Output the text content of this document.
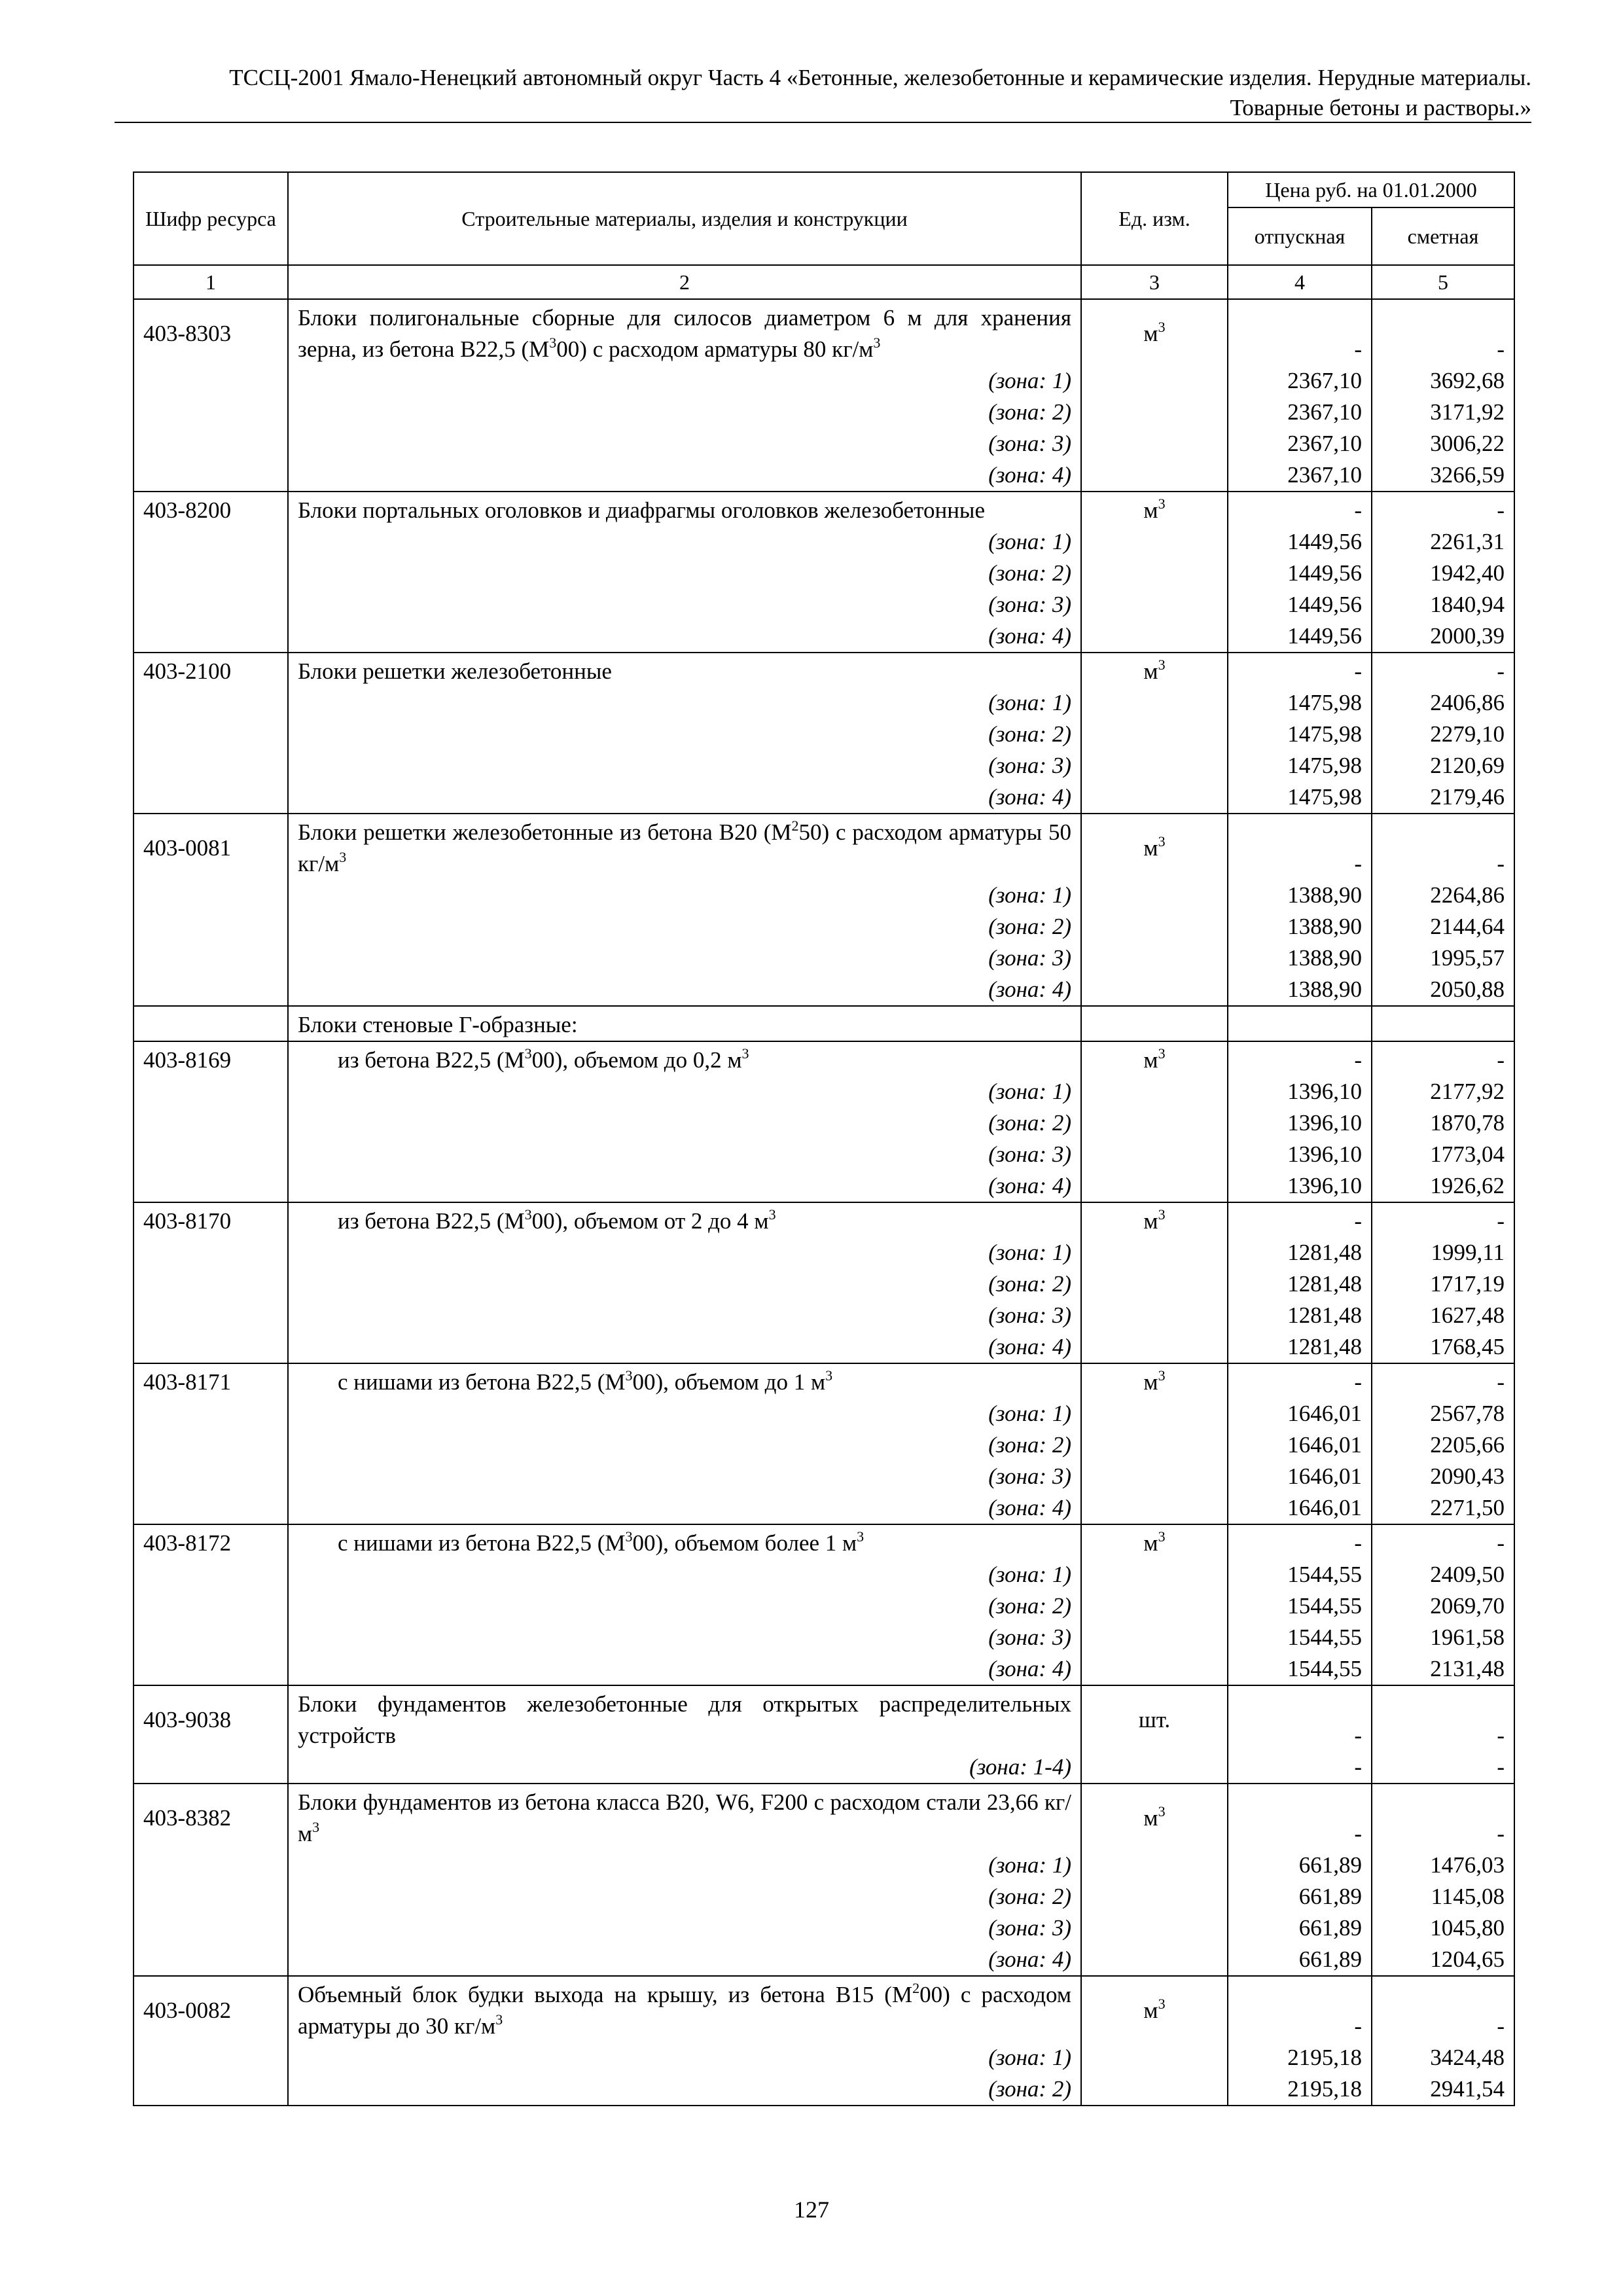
ТССЦ-2001 Ямало-Ненецкий автономный округ Часть 4 «Бетонные, железобетонные и керамические изделия. Нерудные материалы.
Товарные бетоны и растворы.»
Шифр ресурса	Строительные материалы, изделия и конструкции	Ед. изм.	Цена руб. на 01.01.2000	
			отпускная	сметная
1	2	3	4	5
403-8303	Блоки полигональные сборные для силосов диаметром 6 м для хранения зерна, из бетона В22,5 $(М^300)$ с расходом арматуры 80 $кг/м^3$	$м^3$	-	-
	(зона: 1)		2367,10	3692,68
	(зона: 2)		2367,10	3171,92
	(зона: 3)		2367,10	3006,22
	(зона: 4)		2367,10	3266,59
403-8200	Блоки портальных оголовков и диафрагмы оголовков железобетонные	$м^3$	-	-
	(зона: 1)		1449,56	2261,31
	(зона: 2)		1449,56	1942,40
	(зона: 3)		1449,56	1840,94
	(зона: 4)		1449,56	2000,39
403-2100	Блоки решетки железобетонные	$м^3$	-	-
	(зона: 1)		1475,98	2406,86
	(зона: 2)		1475,98	2279,10
	(зона: 3)		1475,98	2120,69
	(зона: 4)		1475,98	2179,46
403-0081	Блоки решетки железобетонные из бетона В20 $(М^250)$ с расходом арматуры 50 $кг/м^3$	$м^3$	-	-
	(зона: 1)		1388,90	2264,86
	(зона: 2)		1388,90	2144,64
	(зона: 3)		1388,90	1995,57
	(зона: 4)		1388,90	2050,88
	Блоки стеновые Г-образные:			
403-8169	из бетона В22,5 $(М^300)$, объемом до 0,2 $м^3$	$м^3$	-	-
	(зона: 1)		1396,10	2177,92
	(зона: 2)		1396,10	1870,78
	(зона: 3)		1396,10	1773,04
	(зона: 4)		1396,10	1926,62
403-8170	из бетона В22,5 $(М^300)$, объемом от 2 до 4 $м^3$	$м^3$	-	-
	(зона: 1)		1281,48	1999,11
	(зона: 2)		1281,48	1717,19
	(зона: 3)		1281,48	1627,48
	(зона: 4)		1281,48	1768,45
403-8171	с нишами из бетона В22,5 $(М^300)$, объемом до 1 $м^3$	$м^3$	-	-
	(зона: 1)		1646,01	2567,78
	(зона: 2)		1646,01	2205,66
	(зона: 3)		1646,01	2090,43
	(зона: 4)		1646,01	2271,50
403-8172	с нишами из бетона В22,5 $(М^300)$, объемом более 1 $м^3$	$м^3$	-	-
	(зона: 1)		1544,55	2409,50
	(зона: 2)		1544,55	2069,70
	(зона: 3)		1544,55	1961,58
	(зона: 4)		1544,55	2131,48
403-9038	Блоки фундаментов железобетонные для открытых распределительных устройств	шт.	-	-
	(зона: 1-4)		-	-
403-8382	Блоки фундаментов из бетона класса В20, W6, F200 с расходом стали 23,66 $кг/м^3$	$м^3$	-	-
	(зона: 1)		661,89	1476,03
	(зона: 2)		661,89	1145,08
	(зона: 3)		661,89	1045,80
	(зона: 4)		661,89	1204,65
403-0082	Объемный блок будки выхода на крышу, из бетона В15 $(М^200)$ с расходом арматуры до 30 $кг/м^3$	$м^3$	-	-
	(зона: 1)		2195,18	3424,48
	(зона: 2)		2195,18	2941,54
127
